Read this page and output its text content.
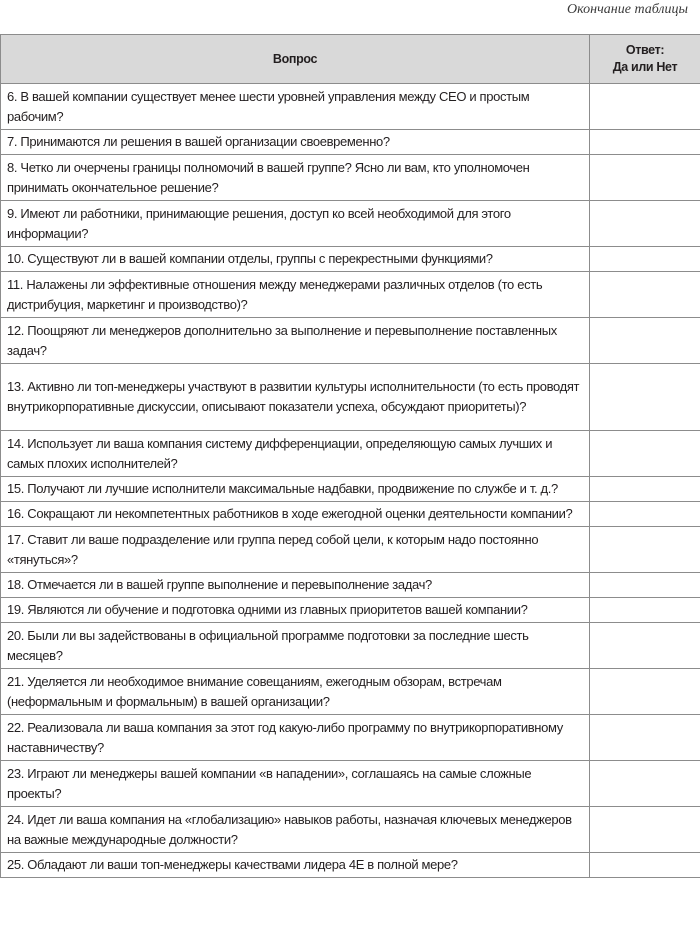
Окончание таблицы
Вопрос	Ответ:
Да или Нет

6. В вашей компании существует менее шести уровней управления между CEO и простым рабочим?	
7. Принимаются ли решения в вашей организации своевременно?	
8. Четко ли очерчены границы полномочий в вашей группе? Ясно ли вам, кто уполномочен принимать окончательное решение?	
9. Имеют ли работники, принимающие решения, доступ ко всей необходимой для этого информации?	
10. Существуют ли в вашей компании отделы, группы с перекрестными функциями?	
11. Налажены ли эффективные отношения между менеджерами различных отделов (то есть дистрибуция, маркетинг и производство)?	
12. Поощряют ли менеджеров дополнительно за выполнение и перевыполнение поставленных задач?	
13. Активно ли топ-менеджеры участвуют в развитии культуры исполнительности (то есть проводят внутрикорпоративные дискуссии, описывают показатели успеха, обсуждают приоритеты)?	
14. Использует ли ваша компания систему дифференциации, определяющую самых лучших и самых плохих исполнителей?	
15. Получают ли лучшие исполнители максимальные надбавки, продвижение по службе и т. д.?	
16. Сокращают ли некомпетентных работников в ходе ежегодной оценки деятельности компании?	
17. Ставит ли ваше подразделение или группа перед собой цели, к которым надо постоянно «тянуться»?	
18. Отмечается ли в вашей группе выполнение и перевыполнение задач?	
19. Являются ли обучение и подготовка одними из главных приоритетов вашей компании?	
20. Были ли вы задействованы в официальной программе подготовки за последние шесть месяцев?	
21. Уделяется ли необходимое внимание совещаниям, ежегодным обзорам, встречам (неформальным и формальным) в вашей организации?	
22. Реализовала ли ваша компания за этот год какую-либо программу по внутрикорпоративному наставничеству?	
23. Играют ли менеджеры вашей компании «в нападении», соглашаясь на самые сложные проекты?	
24. Идет ли ваша компания на «глобализацию» навыков работы, назначая ключевых менеджеров на важные международные должности?	
25. Обладают ли ваши топ-менеджеры качествами лидера 4E в полной мере?	
